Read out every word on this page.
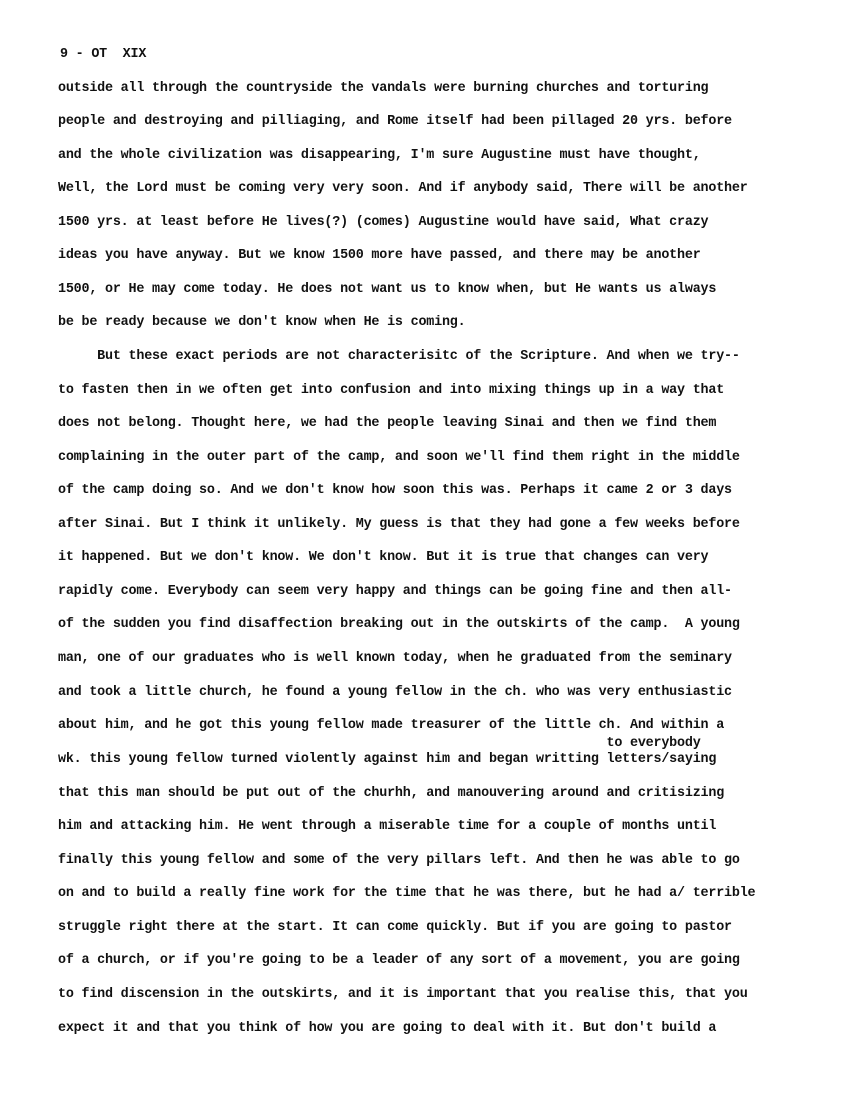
9 - OT  XIX
outside all through the countryside the vandals were burning churches and torturing
people and destroying and pilliaging, and Rome itself had been pillaged 20 yrs. before
and the whole civilization was disappearing, I'm sure Augustine must have thought,
Well, the Lord must be coming very very soon. And if anybody said, There will be another
1500 yrs. at least before He lives(?) (comes) Augustine would have said, What crazy
ideas you have anyway. But we know 1500 more have passed, and there may be another
1500, or He may come today. He does not want us to know when, but He wants us always
be be ready because we don't know when He is coming.
But these exact periods are not characterisitc of the Scripture. And when we try--
to fasten then in we often get into confusion and into mixing things up in a way that
does not belong. Thought here, we had the people leaving Sinai and then we find them
complaining in the outer part of the camp, and soon we'll find them right in the middle
of the camp doing so. And we don't know how soon this was. Perhaps it came 2 or 3 days
after Sinai. But I think it unlikely. My guess is that they had gone a few weeks before
it happened. But we don't know. We don't know. But it is true that changes can very
rapidly come. Everybody can seem very happy and things can be going fine and then all-
of the sudden you find disaffection breaking out in the outskirts of the camp.  A young
man, one of our graduates who is well known today, when he graduated from the seminary
and took a little church, he found a young fellow in the ch. who was very enthusiastic
about him, and he got this young fellow made treasurer of the little ch. And within a
to everybody
wk. this young fellow turned violently against him and began writting letters/saying
that this man should be put out of the churhh, and manouvering around and critisizing
him and attacking him. He went through a miserable time for a couple of months until
finally this young fellow and some of the very pillars left. And then he was able to go
on and to build a really fine work for the time that he was there, but he had a/ terrible
struggle right there at the start. It can come quickly. But if you are going to pastor
of a church, or if you're going to be a leader of any sort of a movement, you are going
to find discension in the outskirts, and it is important that you realise this, that you
expect it and that you think of how you are going to deal with it. But don't build a
